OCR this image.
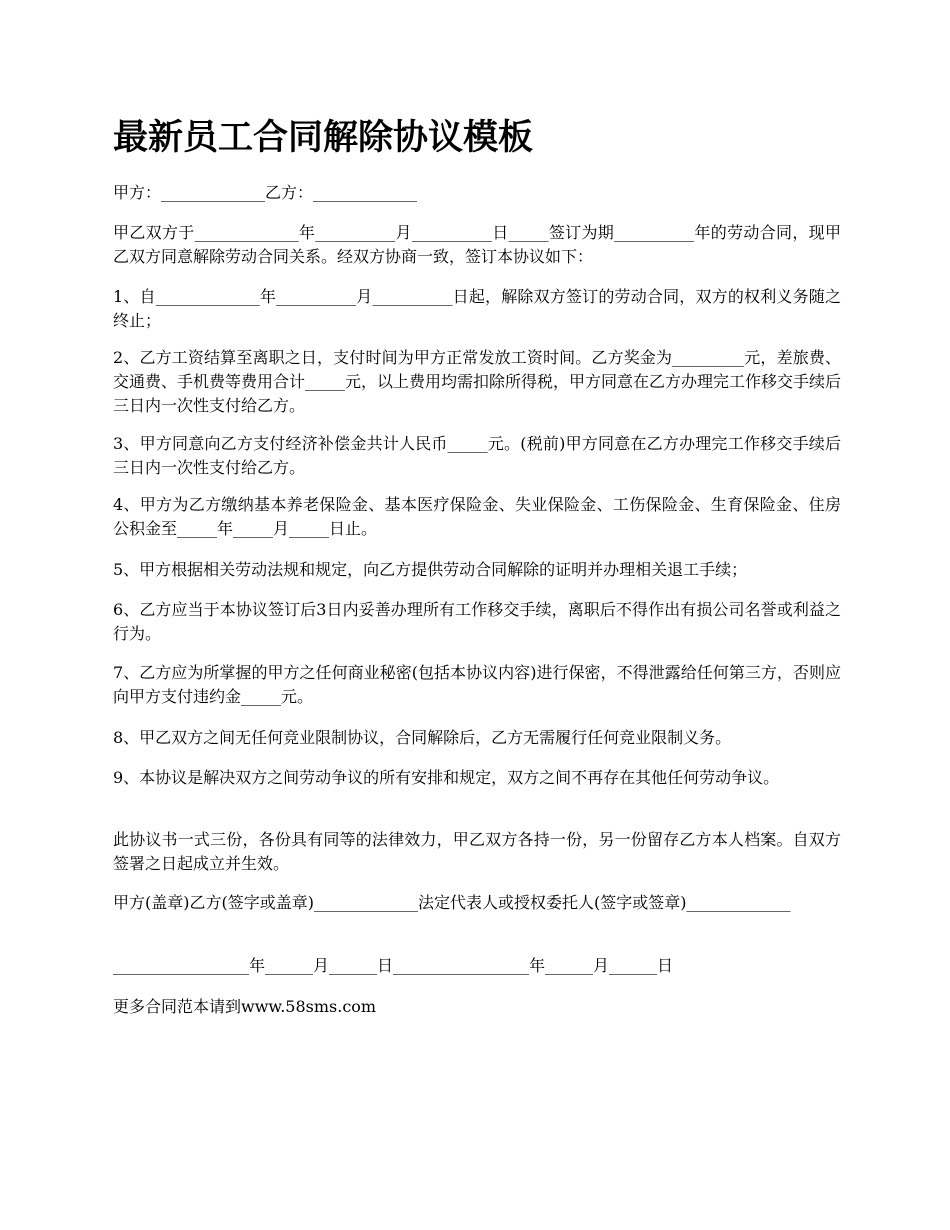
最新员工合同解除协议模板

甲方：_____________乙方：_____________

甲乙双方于_____________年__________月__________日_____签订为期__________年的劳动合同，现甲乙双方同意解除劳动合同关系。经双方协商一致，签订本协议如下：

1、自_____________年__________月__________日起，解除双方签订的劳动合同，双方的权利义务随之终止；

2、乙方工资结算至离职之日，支付时间为甲方正常发放工资时间。乙方奖金为_________元，差旅费、交通费、手机费等费用合计_____元，以上费用均需扣除所得税，甲方同意在乙方办理完工作移交手续后三日内一次性支付给乙方。

3、甲方同意向乙方支付经济补偿金共计人民币_____元。(税前)甲方同意在乙方办理完工作移交手续后三日内一次性支付给乙方。

4、甲方为乙方缴纳基本养老保险金、基本医疗保险金、失业保险金、工伤保险金、生育保险金、住房公积金至_____年_____月_____日止。

5、甲方根据相关劳动法规和规定，向乙方提供劳动合同解除的证明并办理相关退工手续；

6、乙方应当于本协议签订后3日内妥善办理所有工作移交手续，离职后不得作出有损公司名誉或利益之行为。

7、乙方应为所掌握的甲方之任何商业秘密(包括本协议内容)进行保密，不得泄露给任何第三方，否则应向甲方支付违约金_____元。

8、甲乙双方之间无任何竞业限制协议，合同解除后，乙方无需履行任何竞业限制义务。

9、本协议是解决双方之间劳动争议的所有安排和规定，双方之间不再存在其他任何劳动争议。

此协议书一式三份，各份具有同等的法律效力，甲乙双方各持一份，另一份留存乙方本人档案。自双方签署之日起成立并生效。

甲方(盖章)乙方(签字或盖章)_____________法定代表人或授权委托人(签字或签章)_____________

_________________年______月______日_________________年______月______日

更多合同范本请到www.58sms.com
